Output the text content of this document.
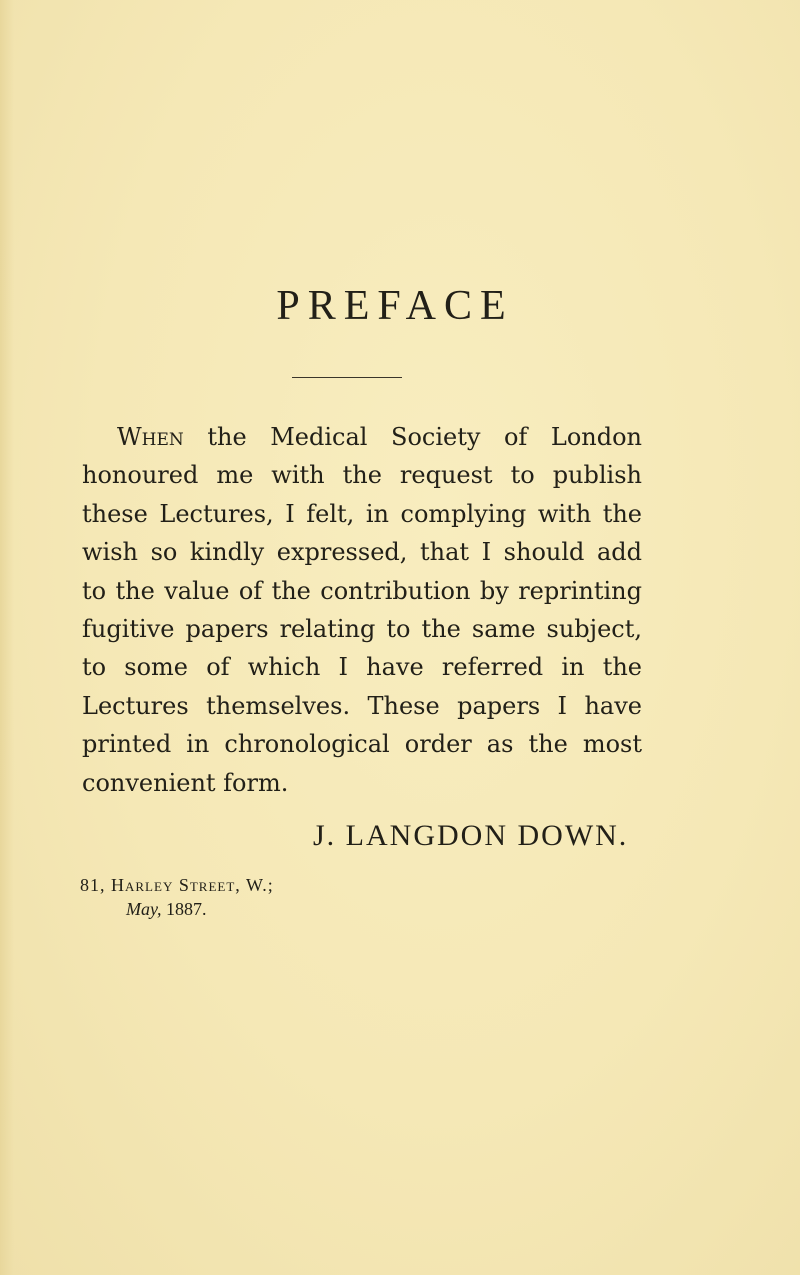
PREFACE
When the Medical Society of London
honoured me with the request to publish
these Lectures, I felt, in complying with the
wish so kindly expressed, that I should add
to the value of the contribution by reprinting
fugitive papers relating to the same subject,
to some of which I have referred in the
Lectures themselves. These papers I have
printed in chronological order as the most
convenient form.
J. LANGDON DOWN.
81, Harley Street, W.;
May, 1887.
